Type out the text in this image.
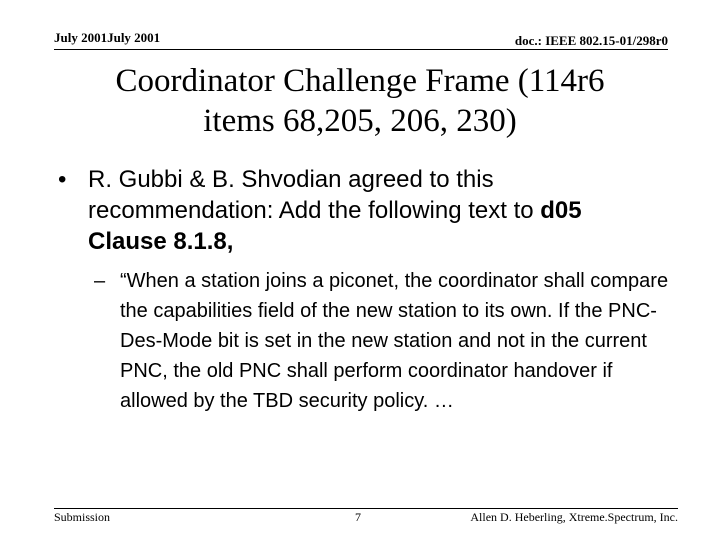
July 2001July 2001	doc.: IEEE 802.15-01/298r0
Coordinator Challenge Frame (114r6
items 68,205, 206, 230)
• R. Gubbi & B. Shvodian agreed to this recommendation: Add the following text to d05 Clause 8.1.8,
– “When a station joins a piconet, the coordinator shall compare the capabilities field of the new station to its own. If the PNC-Des-Mode bit is set in the new station and not in the current PNC, the old PNC shall perform coordinator handover if allowed by the TBD security policy. …
Submission	7	Allen D. Heberling, Xtreme.Spectrum, Inc.
